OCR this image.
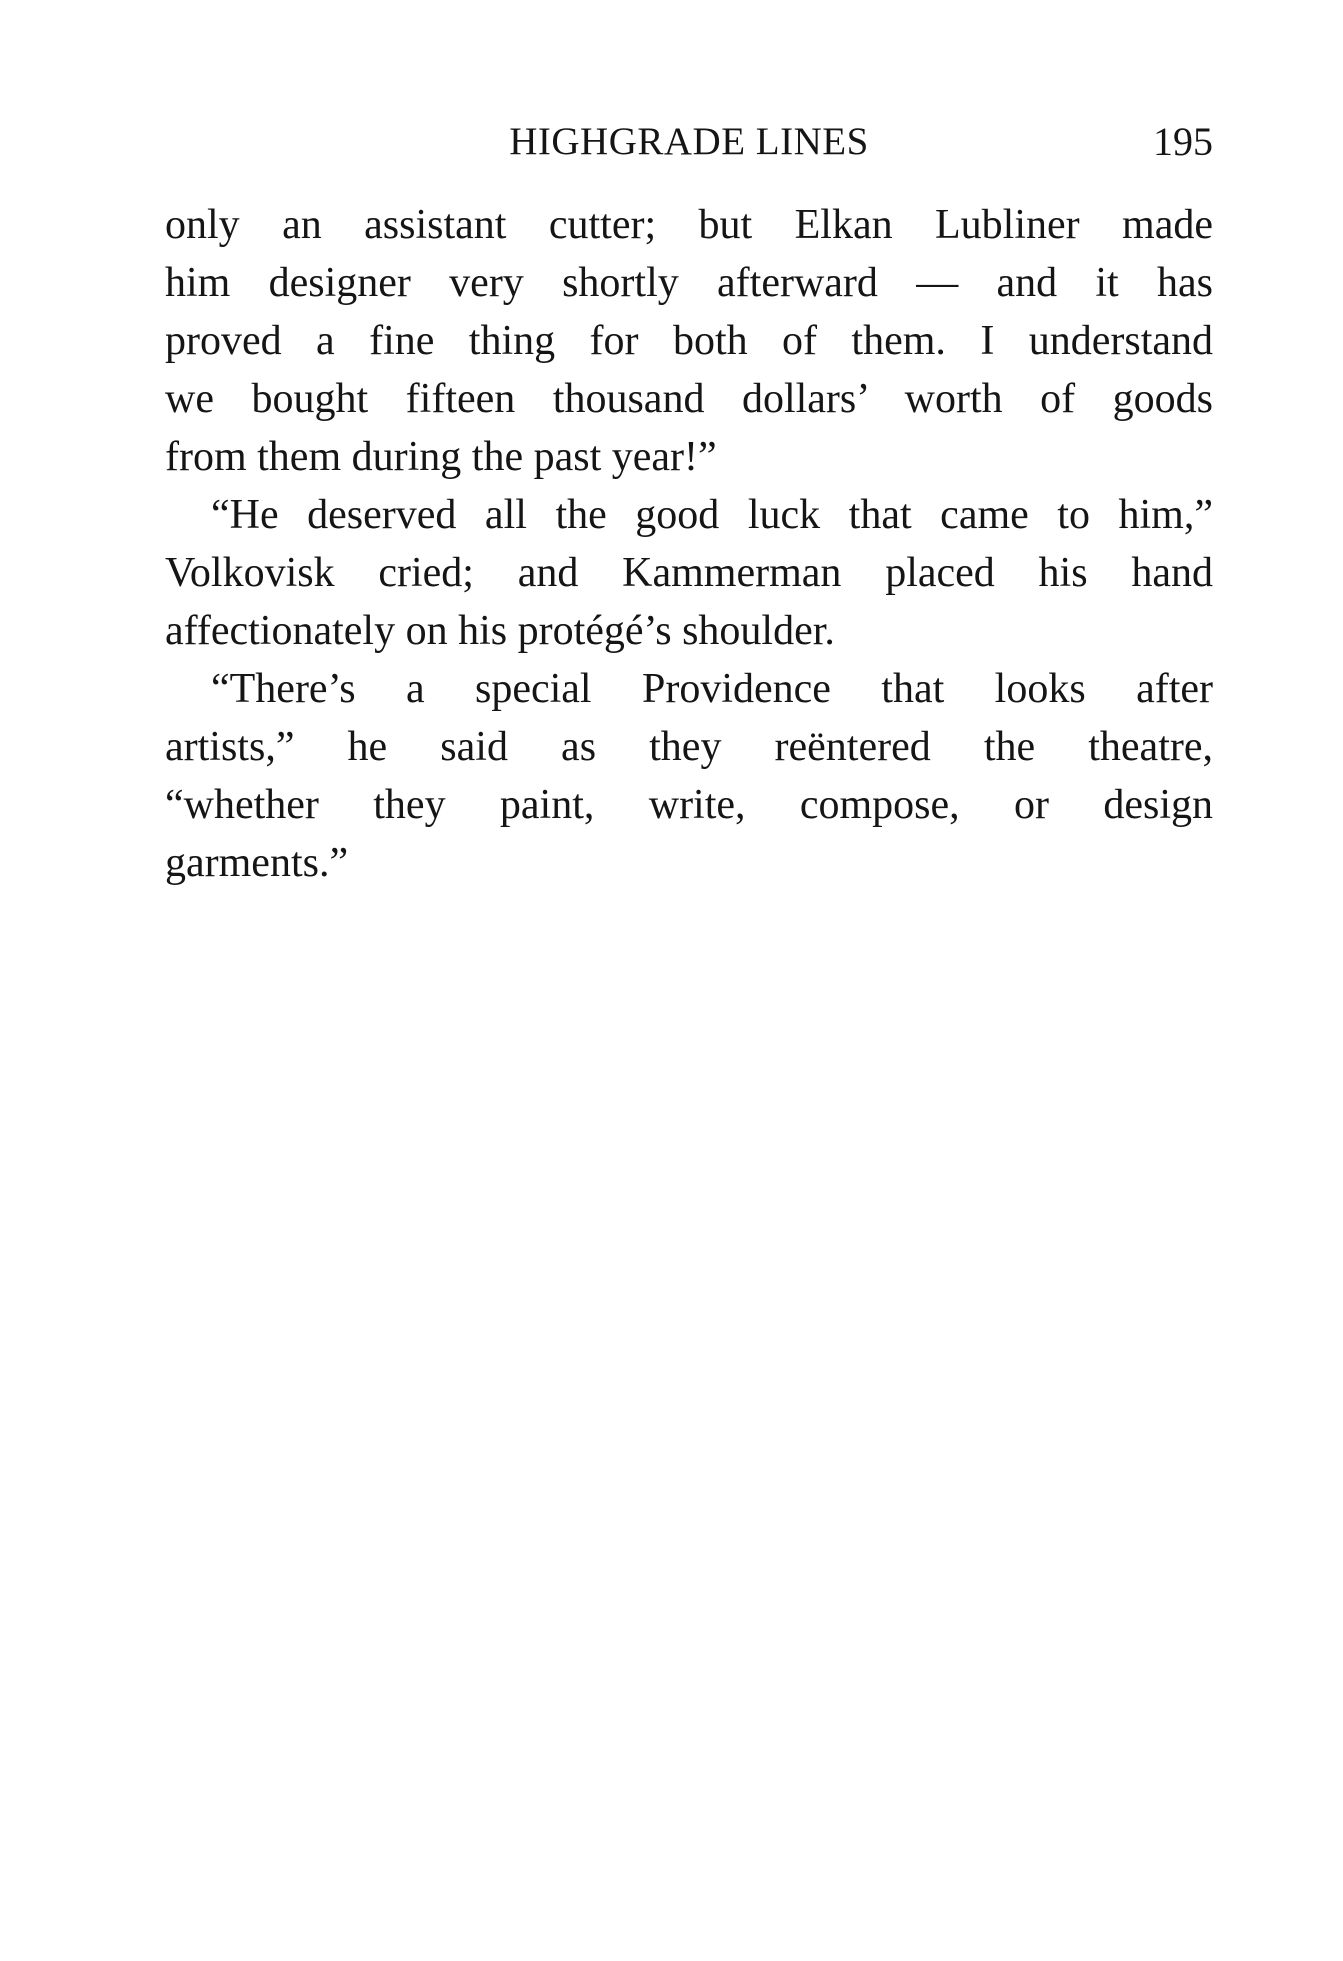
HIGHGRADE LINES	195

only an assistant cutter; but Elkan Lubliner made
him designer very shortly afterward — and it has
proved a fine thing for both of them. I understand
we bought fifteen thousand dollars’ worth of goods
from them during the past year!”

“He deserved all the good luck that came to him,”
Volkovisk cried; and Kammerman placed his hand
affectionately on his protégé’s shoulder.

“There’s a special Providence that looks after
artists,” he said as they reëntered the theatre,
“whether they paint, write, compose, or design
garments.”
